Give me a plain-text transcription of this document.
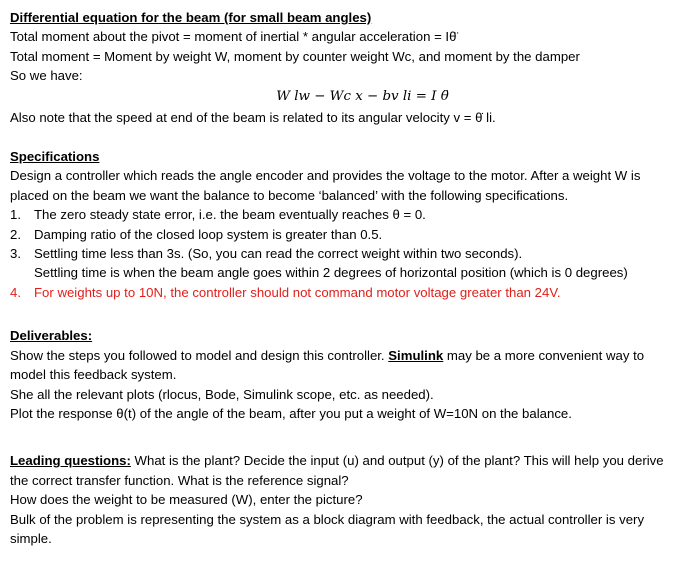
Differential equation for the beam (for small beam angles)
Total moment about the pivot = moment of inertial * angular acceleration = Iθ̈
Total moment = Moment by weight W, moment by counter weight Wc, and moment by the damper
So we have:
W lw − Wc x − bv li = I θ̈
Also note that the speed at end of the beam is related to its angular velocity v = θ̇ li.
Specifications
Design a controller which reads the angle encoder and provides the voltage to the motor. After a weight W is
placed on the beam we want the balance to become ‘balanced’ with the following specifications.
1. The zero steady state error, i.e. the beam eventually reaches θ = 0.
2. Damping ratio of the closed loop system is greater than 0.5.
3. Settling time less than 3s. (So, you can read the correct weight within two seconds).
Settling time is when the beam angle goes within 2 degrees of horizontal position (which is 0 degrees)
4. For weights up to 10N, the controller should not command motor voltage greater than 24V.
Deliverables:
Show the steps you followed to model and design this controller. Simulink may be a more convenient way to
model this feedback system.
She all the relevant plots (rlocus, Bode, Simulink scope, etc. as needed).
Plot the response θ(t) of the angle of the beam, after you put a weight of W=10N on the balance.
Leading questions: What is the plant? Decide the input (u) and output (y) of the plant? This will help you derive
the correct transfer function. What is the reference signal?
How does the weight to be measured (W), enter the picture?
Bulk of the problem is representing the system as a block diagram with feedback, the actual controller is very
simple.
